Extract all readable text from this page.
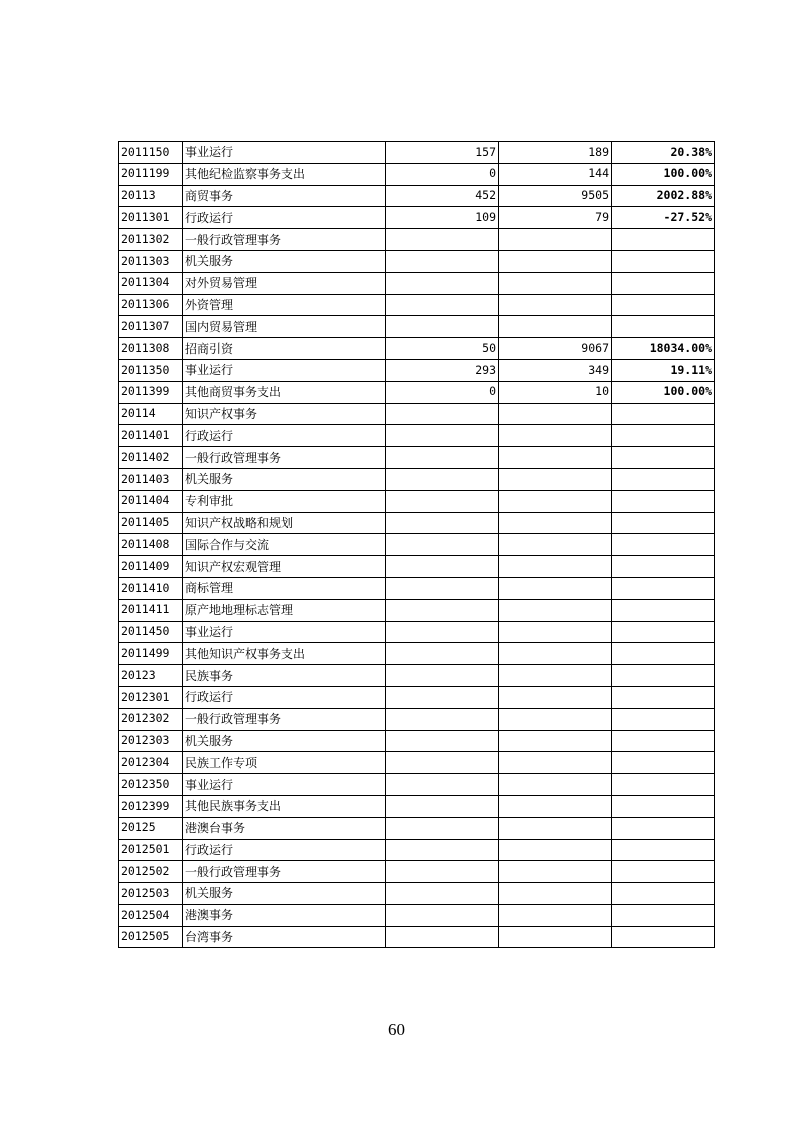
2011150	事业运行	157	189	20.38%
2011199	其他纪检监察事务支出	0	144	100.00%
20113	商贸事务	452	9505	2002.88%
2011301	行政运行	109	79	-27.52%
2011302	一般行政管理事务			
2011303	机关服务			
2011304	对外贸易管理			
2011306	外资管理			
2011307	国内贸易管理			
2011308	招商引资	50	9067	18034.00%
2011350	事业运行	293	349	19.11%
2011399	其他商贸事务支出	0	10	100.00%
20114	知识产权事务			
2011401	行政运行			
2011402	一般行政管理事务			
2011403	机关服务			
2011404	专利审批			
2011405	知识产权战略和规划			
2011408	国际合作与交流			
2011409	知识产权宏观管理			
2011410	商标管理			
2011411	原产地地理标志管理			
2011450	事业运行			
2011499	其他知识产权事务支出			
20123	民族事务			
2012301	行政运行			
2012302	一般行政管理事务			
2012303	机关服务			
2012304	民族工作专项			
2012350	事业运行			
2012399	其他民族事务支出			
20125	港澳台事务			
2012501	行政运行			
2012502	一般行政管理事务			
2012503	机关服务			
2012504	港澳事务			
2012505	台湾事务			
60
